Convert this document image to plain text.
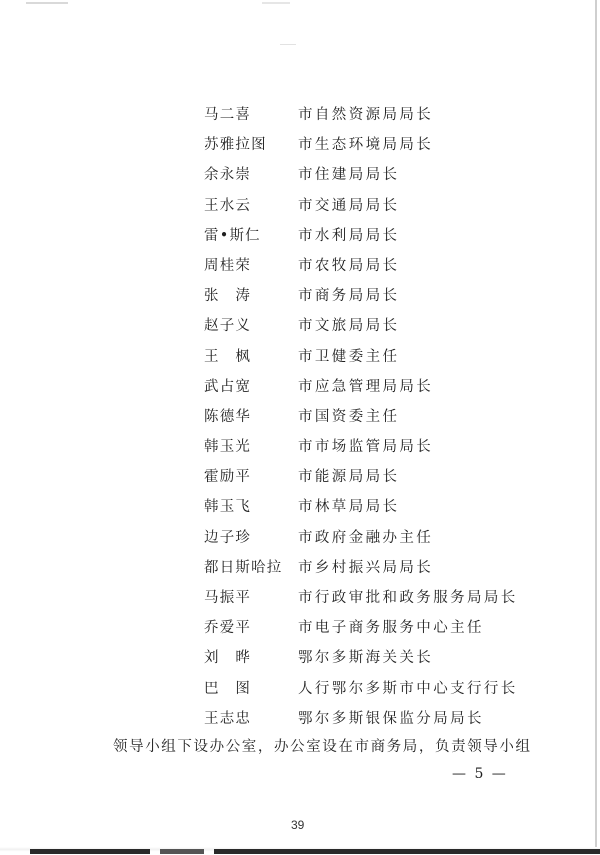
马二喜	市自然资源局局长
苏雅拉图 市生态环境局局长
余永崇	市住建局局长
王水云	市交通局局长
雷•斯仁	市水利局局长
周桂荣	市农牧局局长
张　涛	市商务局局长
赵子义	市文旅局局长
王　枫	市卫健委主任
武占宽	市应急管理局局长
陈德华	市国资委主任
韩玉光	市市场监管局局长
霍励平	市能源局局长
韩玉飞	市林草局局长
边子珍	市政府金融办主任
都日斯哈拉 市乡村振兴局局长
马振平	市行政审批和政务服务局局长
乔爱平	市电子商务服务中心主任
刘　晔	鄂尔多斯海关关长
巴　图	人行鄂尔多斯市中心支行行长
王志忠	鄂尔多斯银保监分局局长
领导小组下设办公室，办公室设在市商务局，负责领导小组
— 5 —
39
